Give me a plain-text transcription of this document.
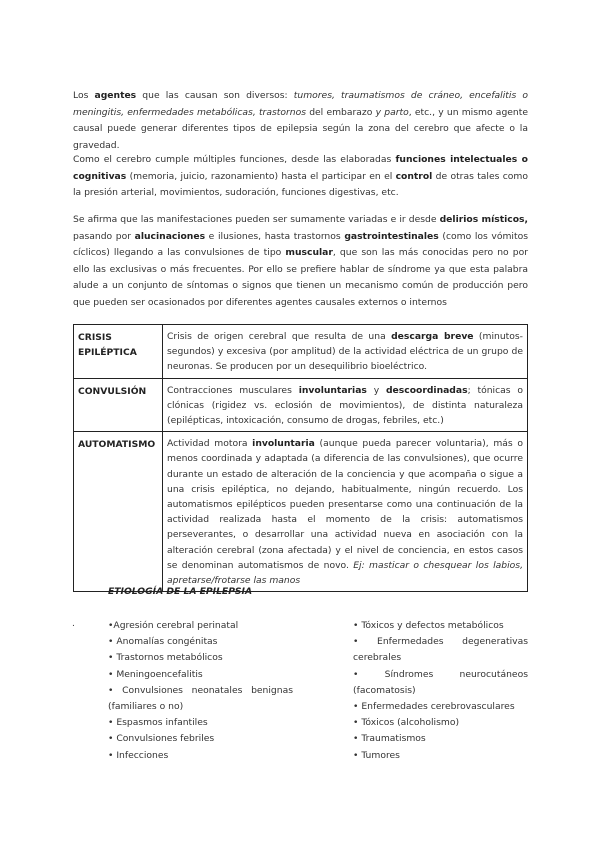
Los agentes que las causan son diversos: tumores, traumatismos de cráneo, encefalitis o meningitis, enfermedades metabólicas, trastornos del embarazo y parto, etc., y un mismo agente causal puede generar diferentes tipos de epilepsia según la zona del cerebro que afecte o la gravedad.

Como el cerebro cumple múltiples funciones, desde las elaboradas funciones intelectuales o cognitivas (memoria, juicio, razonamiento) hasta el participar en el control de otras tales como la presión arterial, movimientos, sudoración, funciones digestivas, etc.

Se afirma que las manifestaciones pueden ser sumamente variadas e ir desde delirios místicos, pasando por alucinaciones e ilusiones, hasta trastornos gastrointestinales (como los vómitos cíclicos) llegando a las convulsiones de tipo muscular, que son las más conocidas pero no por ello las exclusivas o más frecuentes. Por ello se prefiere hablar de síndrome ya que esta palabra alude a un conjunto de síntomas o signos que tienen un mecanismo común de producción pero que pueden ser ocasionados por diferentes agentes causales externos o internos

CRISIS EPILÉPTICA	Crisis de origen cerebral que resulta de una descarga breve (minutos-segundos) y excesiva (por amplitud) de la actividad eléctrica de un grupo de neuronas. Se producen por un desequilibrio bioeléctrico.
CONVULSIÓN	Contracciones musculares involuntarias y descoordinadas; tónicas o clónicas (rigidez vs. eclosión de movimientos), de distinta naturaleza (epilépticas, intoxicación, consumo de drogas, febriles, etc.)
AUTOMATISMO	Actividad motora involuntaria (aunque pueda parecer voluntaria), más o menos coordinada y adaptada (a diferencia de las convulsiones), que ocurre durante un estado de alteración de la conciencia y que acompaña o sigue a una crisis epiléptica, no dejando, habitualmente, ningún recuerdo. Los automatismos epilépticos pueden presentarse como una continuación de la actividad realizada hasta el momento de la crisis: automatismos perseverantes, o desarrollar una actividad nueva en asociación con la alteración cerebral (zona afectada) y el nivel de conciencia, en estos casos se denominan automatismos de novo. Ej: masticar o chesquear los labios, apretarse/frotarse las manos
ETIOLOGÍA DE LA EPILEPSIA
.	•Agresión cerebral perinatal
• Anomalías congénitas
• Trastornos metabólicos
• Meningoencefalitis
• Convulsiones neonatales benignas
(familiares o no)
• Espasmos infantiles
• Convulsiones febriles
• Infecciones
• Tóxicos y defectos metabólicos
• Enfermedades degenerativas
cerebrales
• Síndromes neurocutáneos
(facomatosis)
• Enfermedades cerebrovasculares
• Tóxicos (alcoholismo)
• Traumatismos
• Tumores
